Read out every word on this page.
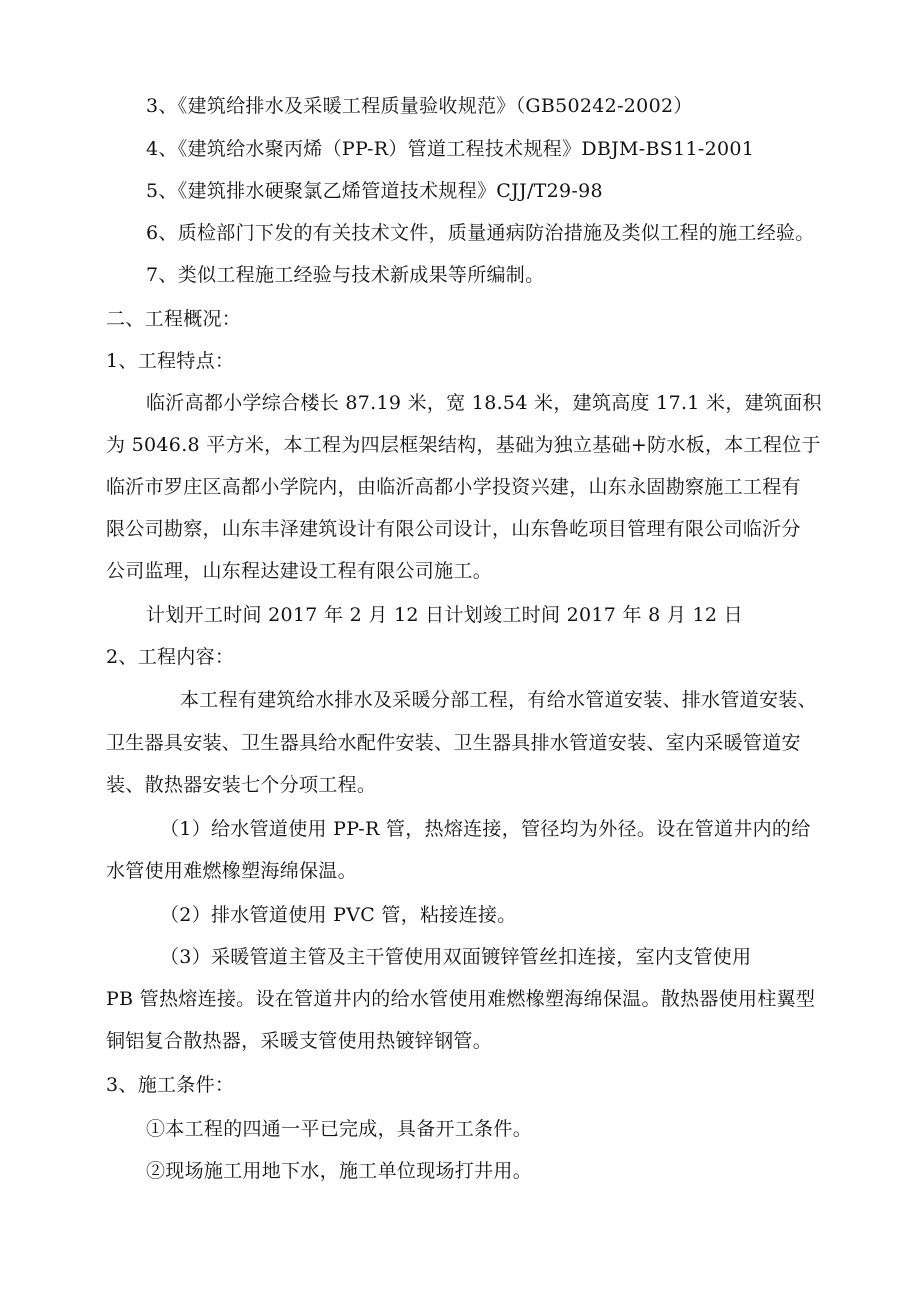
3、《建筑给排水及采暖工程质量验收规范》（GB50242-2002）
4、《建筑给水聚丙烯（PP-R）管道工程技术规程》DBJM-BS11-2001
5、《建筑排水硬聚氯乙烯管道技术规程》CJJ/T29-98
6、质检部门下发的有关技术文件，质量通病防治措施及类似工程的施工经验。
7、类似工程施工经验与技术新成果等所编制。
二、工程概况：
1、工程特点：
临沂高都小学综合楼长 87.19 米，宽 18.54 米，建筑高度 17.1 米，建筑面积
为 5046.8 平方米，本工程为四层框架结构，基础为独立基础+防水板，本工程位于
临沂市罗庄区高都小学院内，由临沂高都小学投资兴建，山东永固勘察施工工程有
限公司勘察，山东丰泽建筑设计有限公司设计，山东鲁屹项目管理有限公司临沂分
公司监理，山东程达建设工程有限公司施工。
计划开工时间 2017 年 2 月 12 日计划竣工时间 2017 年 8 月 12 日
2、工程内容：
本工程有建筑给水排水及采暖分部工程，有给水管道安装、排水管道安装、
卫生器具安装、卫生器具给水配件安装、卫生器具排水管道安装、室内采暖管道安
装、散热器安装七个分项工程。
（1）给水管道使用 PP-R 管，热熔连接，管径均为外径。设在管道井内的给
水管使用难燃橡塑海绵保温。
（2）排水管道使用 PVC 管，粘接连接。
（3）采暖管道主管及主干管使用双面镀锌管丝扣连接，室内支管使用
PB 管热熔连接。设在管道井内的给水管使用难燃橡塑海绵保温。散热器使用柱翼型
铜铝复合散热器，采暖支管使用热镀锌钢管。
3、施工条件：
①本工程的四通一平已完成，具备开工条件。
②现场施工用地下水，施工单位现场打井用。
